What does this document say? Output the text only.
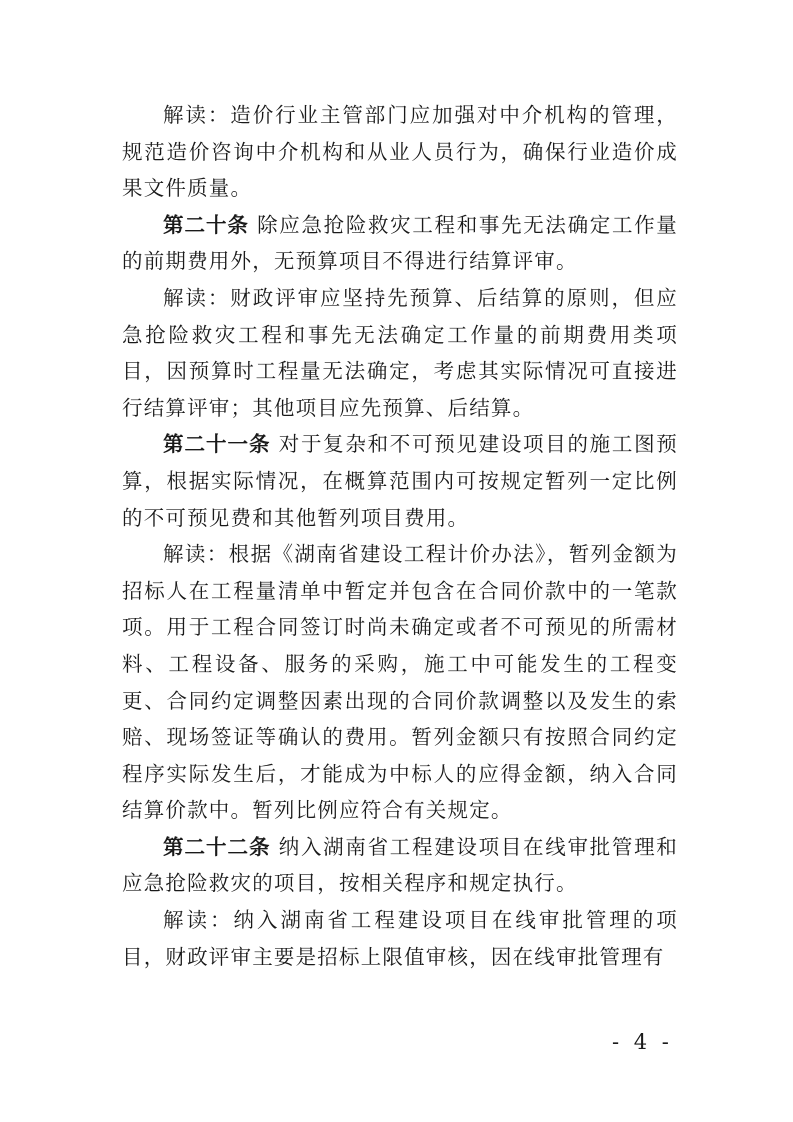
解读：造价行业主管部门应加强对中介机构的管理，规范造价咨询中介机构和从业人员行为，确保行业造价成果文件质量。

第二十条 除应急抢险救灾工程和事先无法确定工作量的前期费用外，无预算项目不得进行结算评审。

解读：财政评审应坚持先预算、后结算的原则，但应急抢险救灾工程和事先无法确定工作量的前期费用类项目，因预算时工程量无法确定，考虑其实际情况可直接进行结算评审；其他项目应先预算、后结算。

第二十一条 对于复杂和不可预见建设项目的施工图预算，根据实际情况，在概算范围内可按规定暂列一定比例的不可预见费和其他暂列项目费用。

解读：根据《湖南省建设工程计价办法》，暂列金额为招标人在工程量清单中暂定并包含在合同价款中的一笔款项。用于工程合同签订时尚未确定或者不可预见的所需材料、工程设备、服务的采购，施工中可能发生的工程变更、合同约定调整因素出现的合同价款调整以及发生的索赔、现场签证等确认的费用。暂列金额只有按照合同约定程序实际发生后，才能成为中标人的应得金额，纳入合同结算价款中。暂列比例应符合有关规定。

第二十二条 纳入湖南省工程建设项目在线审批管理和应急抢险救灾的项目，按相关程序和规定执行。

解读：纳入湖南省工程建设项目在线审批管理的项目，财政评审主要是招标上限值审核，因在线审批管理有

- 4 -
